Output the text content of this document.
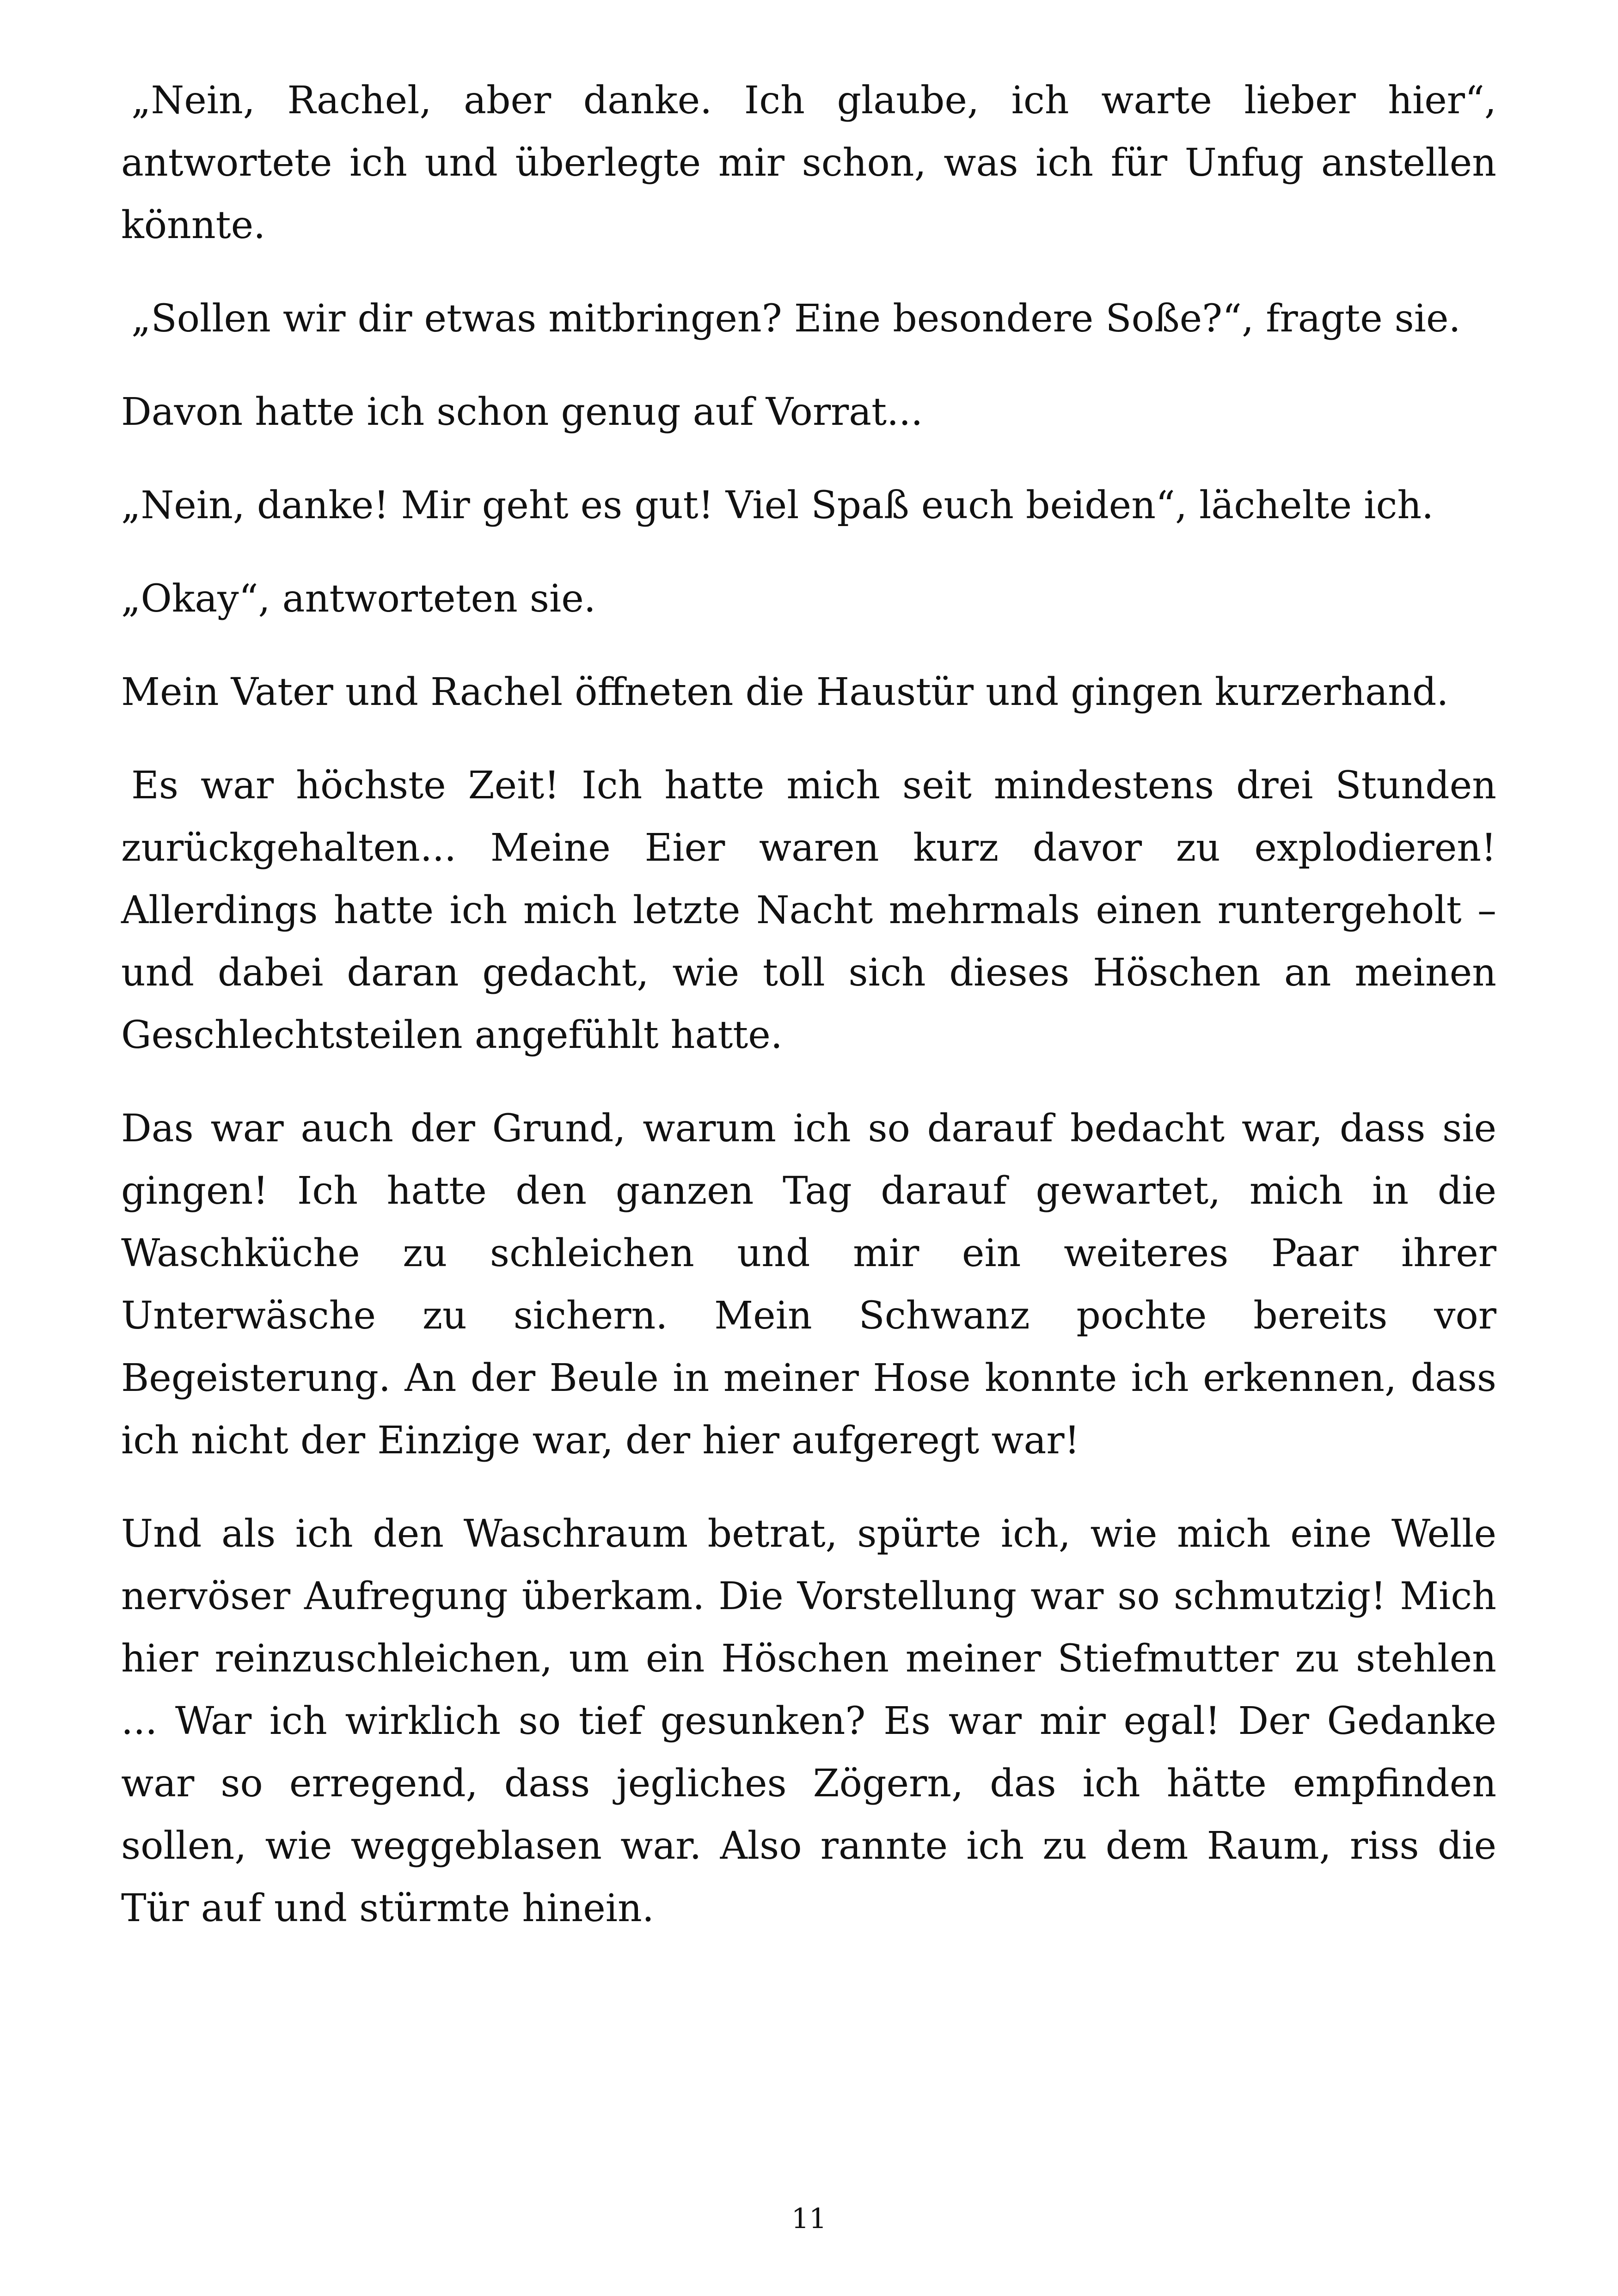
„Nein, Rachel, aber danke. Ich glaube, ich warte lieber hier“, antwortete ich und überlegte mir schon, was ich für Unfug anstellen könnte.

„Sollen wir dir etwas mitbringen? Eine besondere Soße?“, fragte sie.

Davon hatte ich schon genug auf Vorrat...

„Nein, danke! Mir geht es gut! Viel Spaß euch beiden“, lächelte ich.

„Okay“, antworteten sie.

Mein Vater und Rachel öffneten die Haustür und gingen kurzerhand.

Es war höchste Zeit! Ich hatte mich seit mindestens drei Stunden zurückgehalten... Meine Eier waren kurz davor zu explodieren! Allerdings hatte ich mich letzte Nacht mehrmals einen runtergeholt – und dabei daran gedacht, wie toll sich dieses Höschen an meinen Geschlechtsteilen angefühlt hatte.

Das war auch der Grund, warum ich so darauf bedacht war, dass sie gingen! Ich hatte den ganzen Tag darauf gewartet, mich in die Waschküche zu schleichen und mir ein weiteres Paar ihrer Unterwäsche zu sichern. Mein Schwanz pochte bereits vor Begeisterung. An der Beule in meiner Hose konnte ich erkennen, dass ich nicht der Einzige war, der hier aufgeregt war!

Und als ich den Waschraum betrat, spürte ich, wie mich eine Welle nervöser Aufregung überkam. Die Vorstellung war so schmutzig! Mich hier reinzuschleichen, um ein Höschen meiner Stiefmutter zu stehlen ... War ich wirklich so tief gesunken? Es war mir egal! Der Gedanke war so erregend, dass jegliches Zögern, das ich hätte empfinden sollen, wie weggeblasen war. Also rannte ich zu dem Raum, riss die Tür auf und stürmte hinein.

11
